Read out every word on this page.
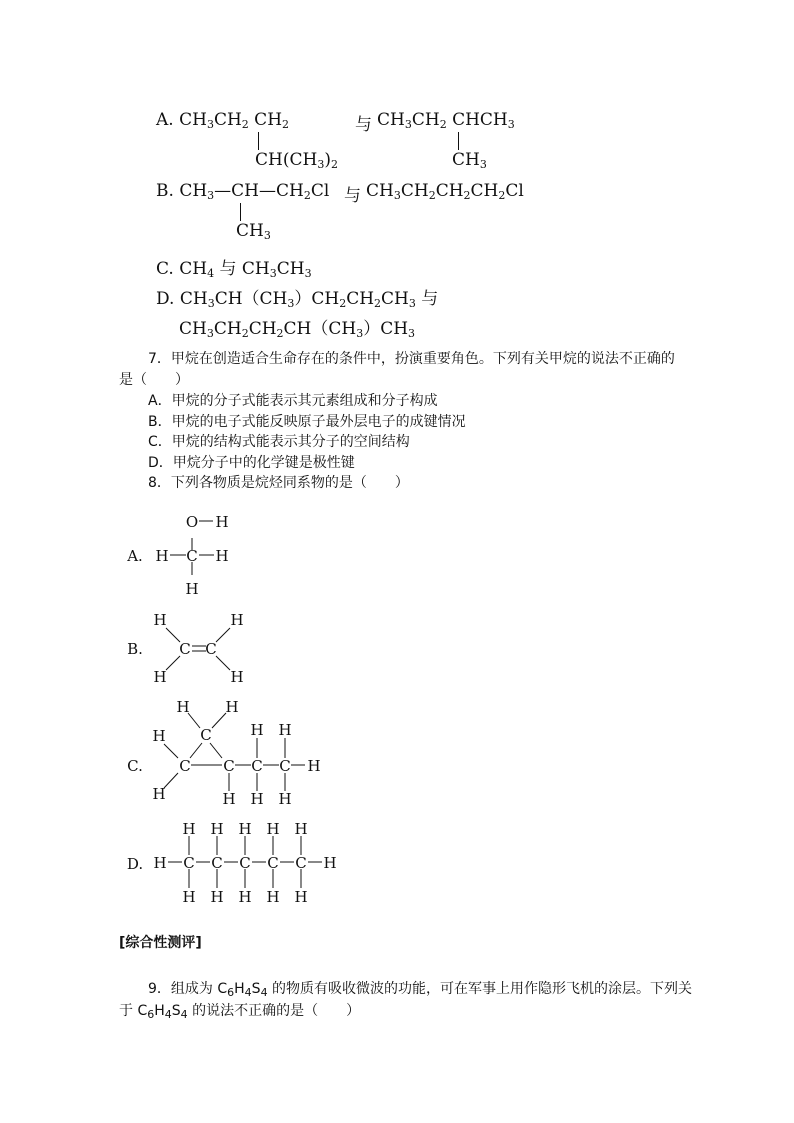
A. $CH_3CH_2$ $CH_2$
$CH(CH_3)_2$
与 $CH_3CH_2$ $CHCH_3$
$CH_3$
B. $CH_3—CH—CH_2Cl$ 与 $CH_3CH_2CH_2CH_2Cl$
$CH_3$
C. $CH_4$ 与 $CH_3CH_3$
D. $CH_3CH(CH_3)CH_2CH_2CH_3$ 与
$CH_3CH_2CH_2CH(CH_3)CH_3$
7．甲烷在创造适合生命存在的条件中，扮演重要角色。下列有关甲烷的说法不正确的
是（　　）
A．甲烷的分子式能表示其元素组成和分子构成
B．甲烷的电子式能反映原子最外层电子的成键情况
C．甲烷的结构式能表示其分子的空间结构
D．甲烷分子中的化学键是极性键
8．下列各物质是烷烃同系物的是（　　）
A.
B.
C.
D.
O H
H C H
H
H	H
C C
H	H
H H
C
H	H H
C C C C H
H	H H H
H H H H H
H C C C C C H
H H H H H
[综合性测评]
9．组成为 $C_6H_4S_4$ 的物质有吸收微波的功能，可在军事上用作隐形飞机的涂层。下列关
于 $C_6H_4S_4$ 的说法不正确的是（　　）
